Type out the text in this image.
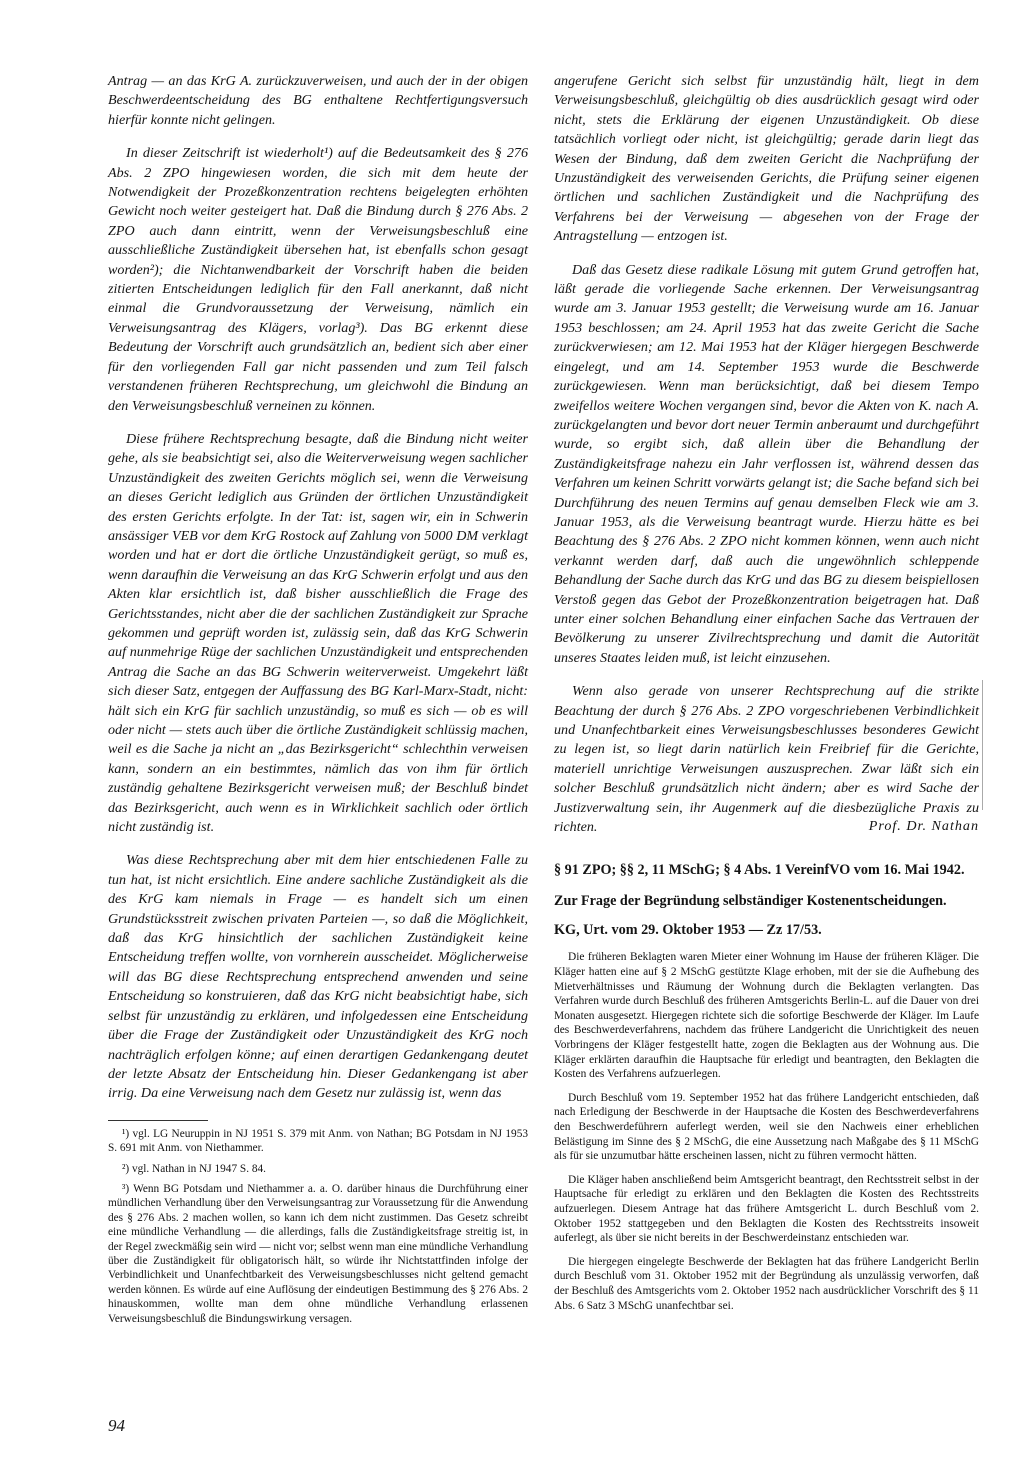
Antrag — an das KrG A. zurückzuverweisen, und auch der in der obigen Beschwerdeentscheidung des BG enthaltene Rechtfertigungsversuch hierfür konnte nicht gelingen.

In dieser Zeitschrift ist wiederholt¹) auf die Bedeutsamkeit des § 276 Abs. 2 ZPO hingewiesen worden, die sich mit dem heute der Notwendigkeit der Prozeßkonzentration rechtens beigelegten erhöhten Gewicht noch weiter gesteigert hat. Daß die Bindung durch § 276 Abs. 2 ZPO auch dann eintritt, wenn der Verweisungsbeschluß eine ausschließliche Zuständigkeit übersehen hat, ist ebenfalls schon gesagt worden²); die Nichtanwendbarkeit der Vorschrift haben die beiden zitierten Entscheidungen lediglich für den Fall anerkannt, daß nicht einmal die Grundvoraussetzung der Verweisung, nämlich ein Verweisungsantrag des Klägers, vorlag³). Das BG erkennt diese Bedeutung der Vorschrift auch grundsätzlich an, bedient sich aber einer für den vorliegenden Fall gar nicht passenden und zum Teil falsch verstandenen früheren Rechtsprechung, um gleichwohl die Bindung an den Verweisungsbeschluß verneinen zu können.

Diese frühere Rechtsprechung besagte, daß die Bindung nicht weiter gehe, als sie beabsichtigt sei, also die Weiterverweisung wegen sachlicher Unzuständigkeit des zweiten Gerichts möglich sei, wenn die Verweisung an dieses Gericht lediglich aus Gründen der örtlichen Unzuständigkeit des ersten Gerichts erfolgte. In der Tat: ist, sagen wir, ein in Schwerin ansässiger VEB vor dem KrG Rostock auf Zahlung von 5000 DM verklagt worden und hat er dort die örtliche Unzuständigkeit gerügt, so muß es, wenn daraufhin die Verweisung an das KrG Schwerin erfolgt und aus den Akten klar ersichtlich ist, daß bisher ausschließlich die Frage des Gerichtsstandes, nicht aber die der sachlichen Zuständigkeit zur Sprache gekommen und geprüft worden ist, zulässig sein, daß das KrG Schwerin auf nunmehrige Rüge der sachlichen Unzuständigkeit und entsprechenden Antrag die Sache an das BG Schwerin weiterverweist. Umgekehrt läßt sich dieser Satz, entgegen der Auffassung des BG Karl-Marx-Stadt, nicht: hält sich ein KrG für sachlich unzuständig, so muß es sich — ob es will oder nicht — stets auch über die örtliche Zuständigkeit schlüssig machen, weil es die Sache ja nicht an „das Bezirksgericht“ schlechthin verweisen kann, sondern an ein bestimmtes, nämlich das von ihm für örtlich zuständig gehaltene Bezirksgericht verweisen muß; der Beschluß bindet das Bezirksgericht, auch wenn es in Wirklichkeit sachlich oder örtlich nicht zuständig ist.

Was diese Rechtsprechung aber mit dem hier entschiedenen Falle zu tun hat, ist nicht ersichtlich. Eine andere sachliche Zuständigkeit als die des KrG kam niemals in Frage — es handelt sich um einen Grundstücksstreit zwischen privaten Parteien —, so daß die Möglichkeit, daß das KrG hinsichtlich der sachlichen Zuständigkeit keine Entscheidung treffen wollte, von vornherein ausscheidet. Möglicherweise will das BG diese Rechtsprechung entsprechend anwenden und seine Entscheidung so konstruieren, daß das KrG nicht beabsichtigt habe, sich selbst für unzuständig zu erklären, und infolgedessen eine Entscheidung über die Frage der Zuständigkeit oder Unzuständigkeit des KrG noch nachträglich erfolgen könne; auf einen derartigen Gedankengang deutet der letzte Absatz der Entscheidung hin. Dieser Gedankengang ist aber irrig. Da eine Verweisung nach dem Gesetz nur zulässig ist, wenn das

¹) vgl. LG Neuruppin in NJ 1951 S. 379 mit Anm. von Nathan; BG Potsdam in NJ 1953 S. 691 mit Anm. von Niethammer.

²) vgl. Nathan in NJ 1947 S. 84.

³) Wenn BG Potsdam und Niethammer a. a. O. darüber hinaus die Durchführung einer mündlichen Verhandlung über den Verweisungsantrag zur Voraussetzung für die Anwendung des § 276 Abs. 2 machen wollen, so kann ich dem nicht zustimmen. Das Gesetz schreibt eine mündliche Verhandlung — die allerdings, falls die Zuständigkeitsfrage streitig ist, in der Regel zweckmäßig sein wird — nicht vor; selbst wenn man eine mündliche Verhandlung über die Zuständigkeit für obligatorisch hält, so würde ihr Nichtstattfinden infolge der Verbindlichkeit und Unanfechtbarkeit des Verweisungsbeschlusses nicht geltend gemacht werden können. Es würde auf eine Auflösung der eindeutigen Bestimmung des § 276 Abs. 2 hinauskommen, wollte man dem ohne mündliche Verhandlung erlassenen Verweisungsbeschluß die Bindungswirkung versagen.

angerufene Gericht sich selbst für unzuständig hält, liegt in dem Verweisungsbeschluß, gleichgültig ob dies ausdrücklich gesagt wird oder nicht, stets die Erklärung der eigenen Unzuständigkeit. Ob diese tatsächlich vorliegt oder nicht, ist gleichgültig; gerade darin liegt das Wesen der Bindung, daß dem zweiten Gericht die Nachprüfung der Unzuständigkeit des verweisenden Gerichts, die Prüfung seiner eigenen örtlichen und sachlichen Zuständigkeit und die Nachprüfung des Verfahrens bei der Verweisung — abgesehen von der Frage der Antragstellung — entzogen ist.

Daß das Gesetz diese radikale Lösung mit gutem Grund getroffen hat, läßt gerade die vorliegende Sache erkennen. Der Verweisungsantrag wurde am 3. Januar 1953 gestellt; die Verweisung wurde am 16. Januar 1953 beschlossen; am 24. April 1953 hat das zweite Gericht die Sache zurückverwiesen; am 12. Mai 1953 hat der Kläger hiergegen Beschwerde eingelegt, und am 14. September 1953 wurde die Beschwerde zurückgewiesen. Wenn man berücksichtigt, daß bei diesem Tempo zweifellos weitere Wochen vergangen sind, bevor die Akten von K. nach A. zurückgelangten und bevor dort neuer Termin anberaumt und durchgeführt wurde, so ergibt sich, daß allein über die Behandlung der Zuständigkeitsfrage nahezu ein Jahr verflossen ist, während dessen das Verfahren um keinen Schritt vorwärts gelangt ist; die Sache befand sich bei Durchführung des neuen Termins auf genau demselben Fleck wie am 3. Januar 1953, als die Verweisung beantragt wurde. Hierzu hätte es bei Beachtung des § 276 Abs. 2 ZPO nicht kommen können, wenn auch nicht verkannt werden darf, daß auch die ungewöhnlich schleppende Behandlung der Sache durch das KrG und das BG zu diesem beispiellosen Verstoß gegen das Gebot der Prozeßkonzentration beigetragen hat. Daß unter einer solchen Behandlung einer einfachen Sache das Vertrauen der Bevölkerung zu unserer Zivilrechtsprechung und damit die Autorität unseres Staates leiden muß, ist leicht einzusehen.

Wenn also gerade von unserer Rechtsprechung auf die strikte Beachtung der durch § 276 Abs. 2 ZPO vorgeschriebenen Verbindlichkeit und Unanfechtbarkeit eines Verweisungsbeschlusses besonderes Gewicht zu legen ist, so liegt darin natürlich kein Freibrief für die Gerichte, materiell unrichtige Verweisungen auszusprechen. Zwar läßt sich ein solcher Beschluß grundsätzlich nicht ändern; aber es wird Sache der Justizverwaltung sein, ihr Augenmerk auf die diesbezügliche Praxis zu richten.	Prof. Dr. Nathan

§ 91 ZPO; §§ 2, 11 MSchG; § 4 Abs. 1 VereinfVO vom 16. Mai 1942.

Zur Frage der Begründung selbständiger Kostenentscheidungen.

KG, Urt. vom 29. Oktober 1953 — Zz 17/53.

Die früheren Beklagten waren Mieter einer Wohnung im Hause der früheren Kläger. Die Kläger hatten eine auf § 2 MSchG gestützte Klage erhoben, mit der sie die Aufhebung des Mietverhältnisses und Räumung der Wohnung durch die Beklagten verlangten. Das Verfahren wurde durch Beschluß des früheren Amtsgerichts Berlin-L. auf die Dauer von drei Monaten ausgesetzt. Hiergegen richtete sich die sofortige Beschwerde der Kläger. Im Laufe des Beschwerdeverfahrens, nachdem das frühere Landgericht die Unrichtigkeit des neuen Vorbringens der Kläger festgestellt hatte, zogen die Beklagten aus der Wohnung aus. Die Kläger erklärten daraufhin die Hauptsache für erledigt und beantragten, den Beklagten die Kosten des Verfahrens aufzuerlegen.

Durch Beschluß vom 19. September 1952 hat das frühere Landgericht entschieden, daß nach Erledigung der Beschwerde in der Hauptsache die Kosten des Beschwerdeverfahrens den Beschwerdeführern auferlegt werden, weil sie den Nachweis einer erheblichen Belästigung im Sinne des § 2 MSchG, die eine Aussetzung nach Maßgabe des § 11 MSchG als für sie unzumutbar hätte erscheinen lassen, nicht zu führen vermocht hätten.

Die Kläger haben anschließend beim Amtsgericht beantragt, den Rechtsstreit selbst in der Hauptsache für erledigt zu erklären und den Beklagten die Kosten des Rechtsstreits aufzuerlegen. Diesem Antrage hat das frühere Amtsgericht L. durch Beschluß vom 2. Oktober 1952 stattgegeben und den Beklagten die Kosten des Rechtsstreits insoweit auferlegt, als über sie nicht bereits in der Beschwerdeinstanz entschieden war.

Die hiergegen eingelegte Beschwerde der Beklagten hat das frühere Landgericht Berlin durch Beschluß vom 31. Oktober 1952 mit der Begründung als unzulässig verworfen, daß der Beschluß des Amtsgerichts vom 2. Oktober 1952 nach ausdrücklicher Vorschrift des § 11 Abs. 6 Satz 3 MSchG unanfechtbar sei.

94
